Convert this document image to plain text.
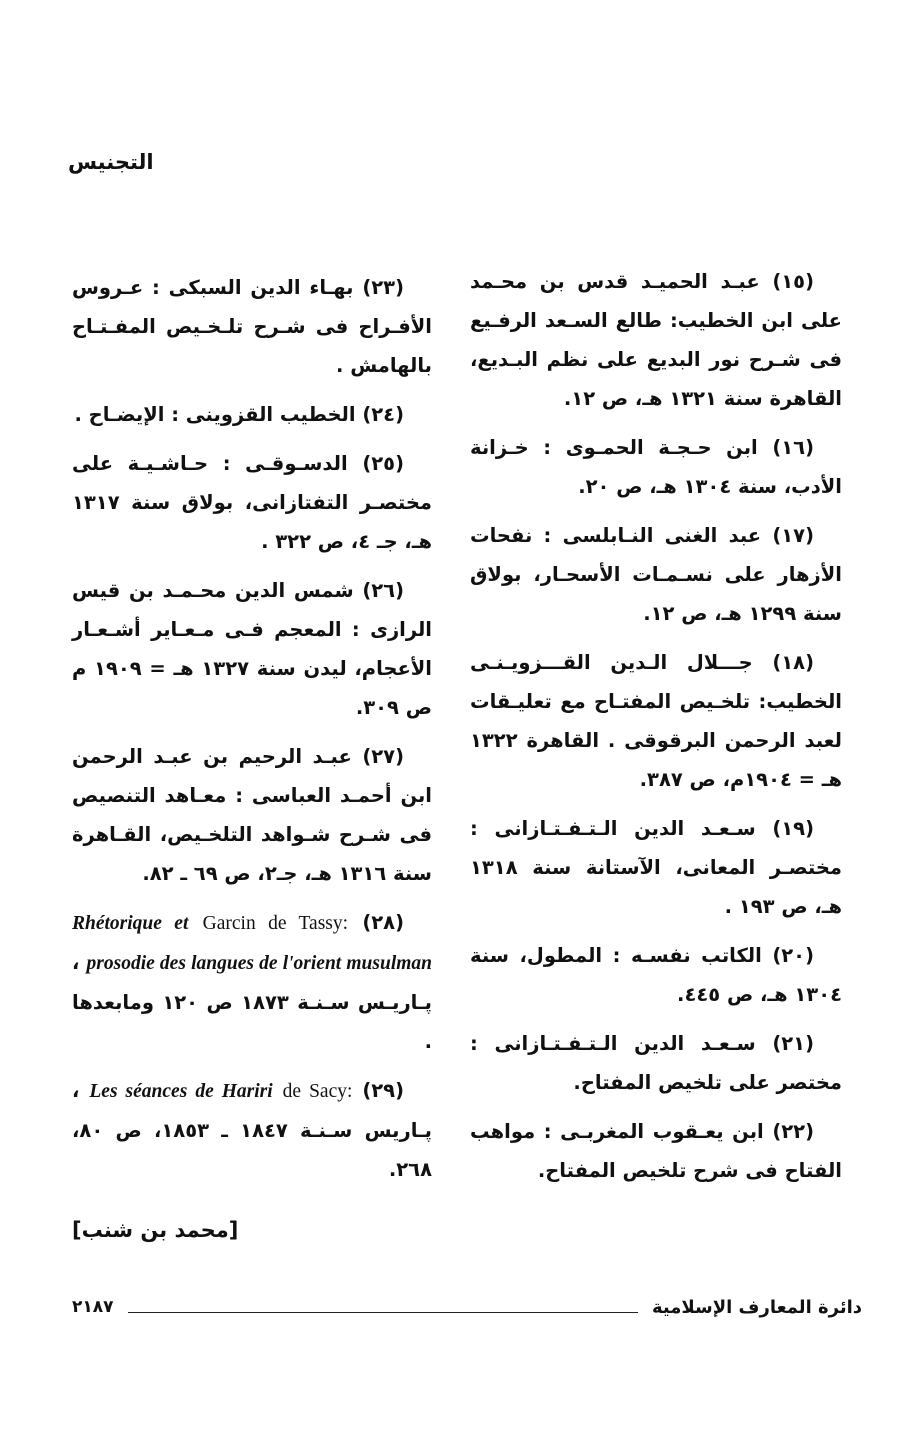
التجنيس

(١٥) عبـد الحميـد قدس بن محـمد على ابن الخطيب: طالع السـعد الرفـيع فى شـرح نور البديع على نظم البـديع، القاهرة سنة ١٣٢١ هـ، ص ١٢.

(١٦) ابن حـجـة الحمـوى : خـزانة الأدب، سنة ١٣٠٤ هـ، ص ٢٠.

(١٧) عبد الغنى النـابلسى : نفحات الأزهار على نسـمـات الأسحـار، بولاق سنة ١٢٩٩ هـ، ص ١٢.

(١٨) جـــلال الـدين القـــزويـنـى الخطيب: تلخـيص المفتـاح مع تعليـقات لعبد الرحمن البرقوقى . القاهرة ١٣٢٢ هـ = ١٩٠٤م، ص ٣٨٧.

(١٩) سـعـد الدين الـتـفـتـازانى : مختصـر المعانى، الآستانة سنة ١٣١٨ هـ، ص ١٩٣ .

(٢٠) الكاتب نفسـه : المطول، سنة ١٣٠٤ هـ، ص ٤٤٥.

(٢١) سـعـد الدين الـتـفـتـازانى : مختصر على تلخيص المفتاح.

(٢٢) ابن يعـقوب المغربـى : مواهب الفتاح فى شرح تلخيص المفتاح.

(٢٣) بهـاء الدين السبكى : عـروس الأفـراح فى شـرح تلـخـيص المفـتـاح بالهامش .

(٢٤) الخطيب القزوينى : الإيضـاح .

(٢٥) الدسـوقـى : حـاشـيـة على مختصـر التفتازانى، بولاق سنة ١٣١٧ هـ، جـ ٤، ص ٣٢٢ .

(٢٦) شمس الدين محـمـد بن قيس الرازى : المعجم فـى مـعـاير أشـعـار الأعجام، ليدن سنة ١٣٢٧ هـ = ١٩٠٩ م ص ٣٠٩.

(٢٧) عبـد الرحيم بن عبـد الرحمن ابن أحمـد العباسى : معـاهد التنصيص فى شـرح شـواهد التلخـيص، القـاهرة سنة ١٣١٦ هـ، جـ٢، ص ٦٩ ـ ٨٢.

(٢٨) Garcin de Tassy: Rhétorique et prosodie des langues de l'orient musulman ، پـاريـس سـنـة ١٨٧٣ ص ١٢٠ ومابعدها .

(٢٩) de Sacy: Les séances de Hariri ، پـاريس سـنـة ١٨٤٧ ـ ١٨٥٣، ص ٨٠، ٢٦٨.

[محمد بن شنب]
دائرة المعارف الإسلامية
٢١٨٧
